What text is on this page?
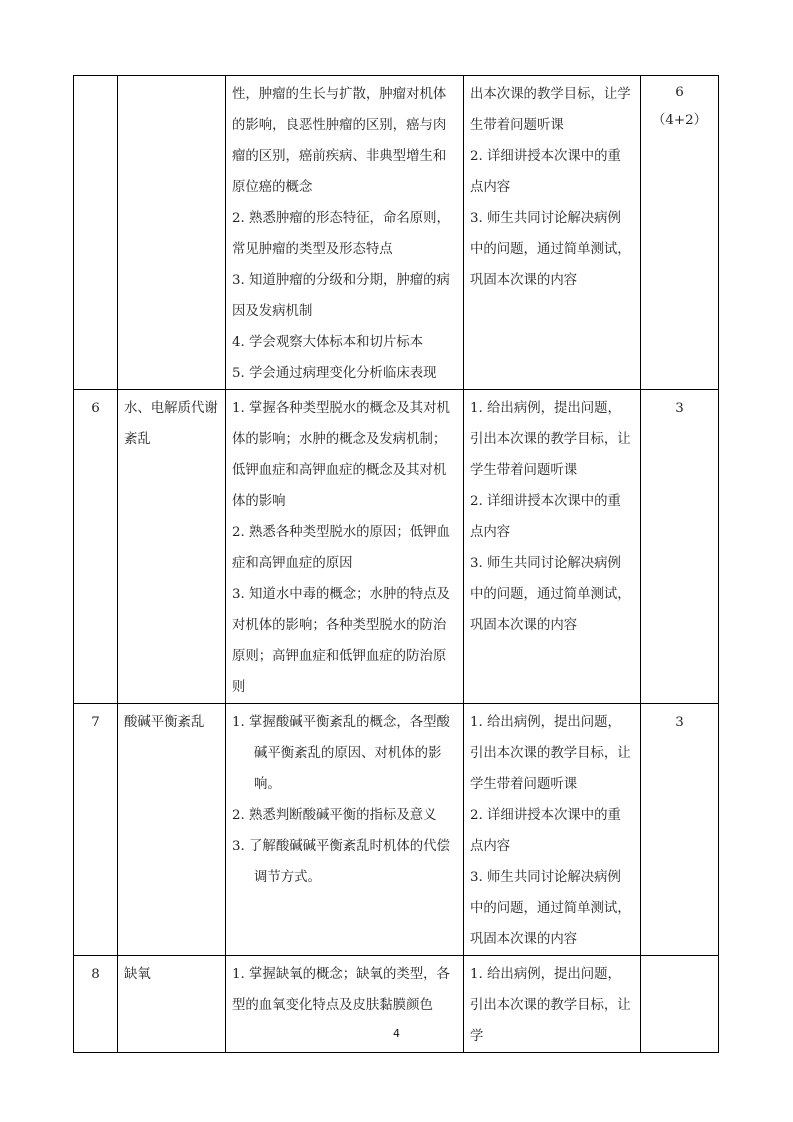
		性，肿瘤的生长与扩散，肿瘤对机体的影响，良恶性肿瘤的区别，癌与肉瘤的区别，癌前疾病、非典型增生和原位癌的概念
2. 熟悉肿瘤的形态特征，命名原则，常见肿瘤的类型及形态特点
3. 知道肿瘤的分级和分期，肿瘤的病因及发病机制
4. 学会观察大体标本和切片标本
5. 学会通过病理变化分析临床表现	出本次课的教学目标，让学生带着问题听课
2. 详细讲授本次课中的重点内容
3. 师生共同讨论解决病例中的问题，通过简单测试，巩固本次课的内容	6
（4+2）

6	水、电解质代谢紊乱	1. 掌握各种类型脱水的概念及其对机体的影响；水肿的概念及发病机制；低钾血症和高钾血症的概念及其对机体的影响
2. 熟悉各种类型脱水的原因；低钾血症和高钾血症的原因
3. 知道水中毒的概念；水肿的特点及对机体的影响；各种类型脱水的防治原则；高钾血症和低钾血症的防治原则	1. 给出病例，提出问题，引出本次课的教学目标，让学生带着问题听课
2. 详细讲授本次课中的重点内容
3. 师生共同讨论解决病例中的问题，通过简单测试，巩固本次课的内容	3
7	酸碱平衡紊乱	1. 掌握酸碱平衡紊乱的概念，各型酸碱平衡紊乱的原因、对机体的影响。
2. 熟悉判断酸碱平衡的指标及意义
3. 了解酸碱碱平衡紊乱时机体的代偿调节方式。	1. 给出病例，提出问题，引出本次课的教学目标，让学生带着问题听课
2. 详细讲授本次课中的重点内容
3. 师生共同讨论解决病例中的问题，通过简单测试，巩固本次课的内容	3
8	缺氧	1. 掌握缺氧的概念；缺氧的类型，各型的血氧变化特点及皮肤黏膜颜色	1. 给出病例，提出问题，引出本次课的教学目标，让学	

4
